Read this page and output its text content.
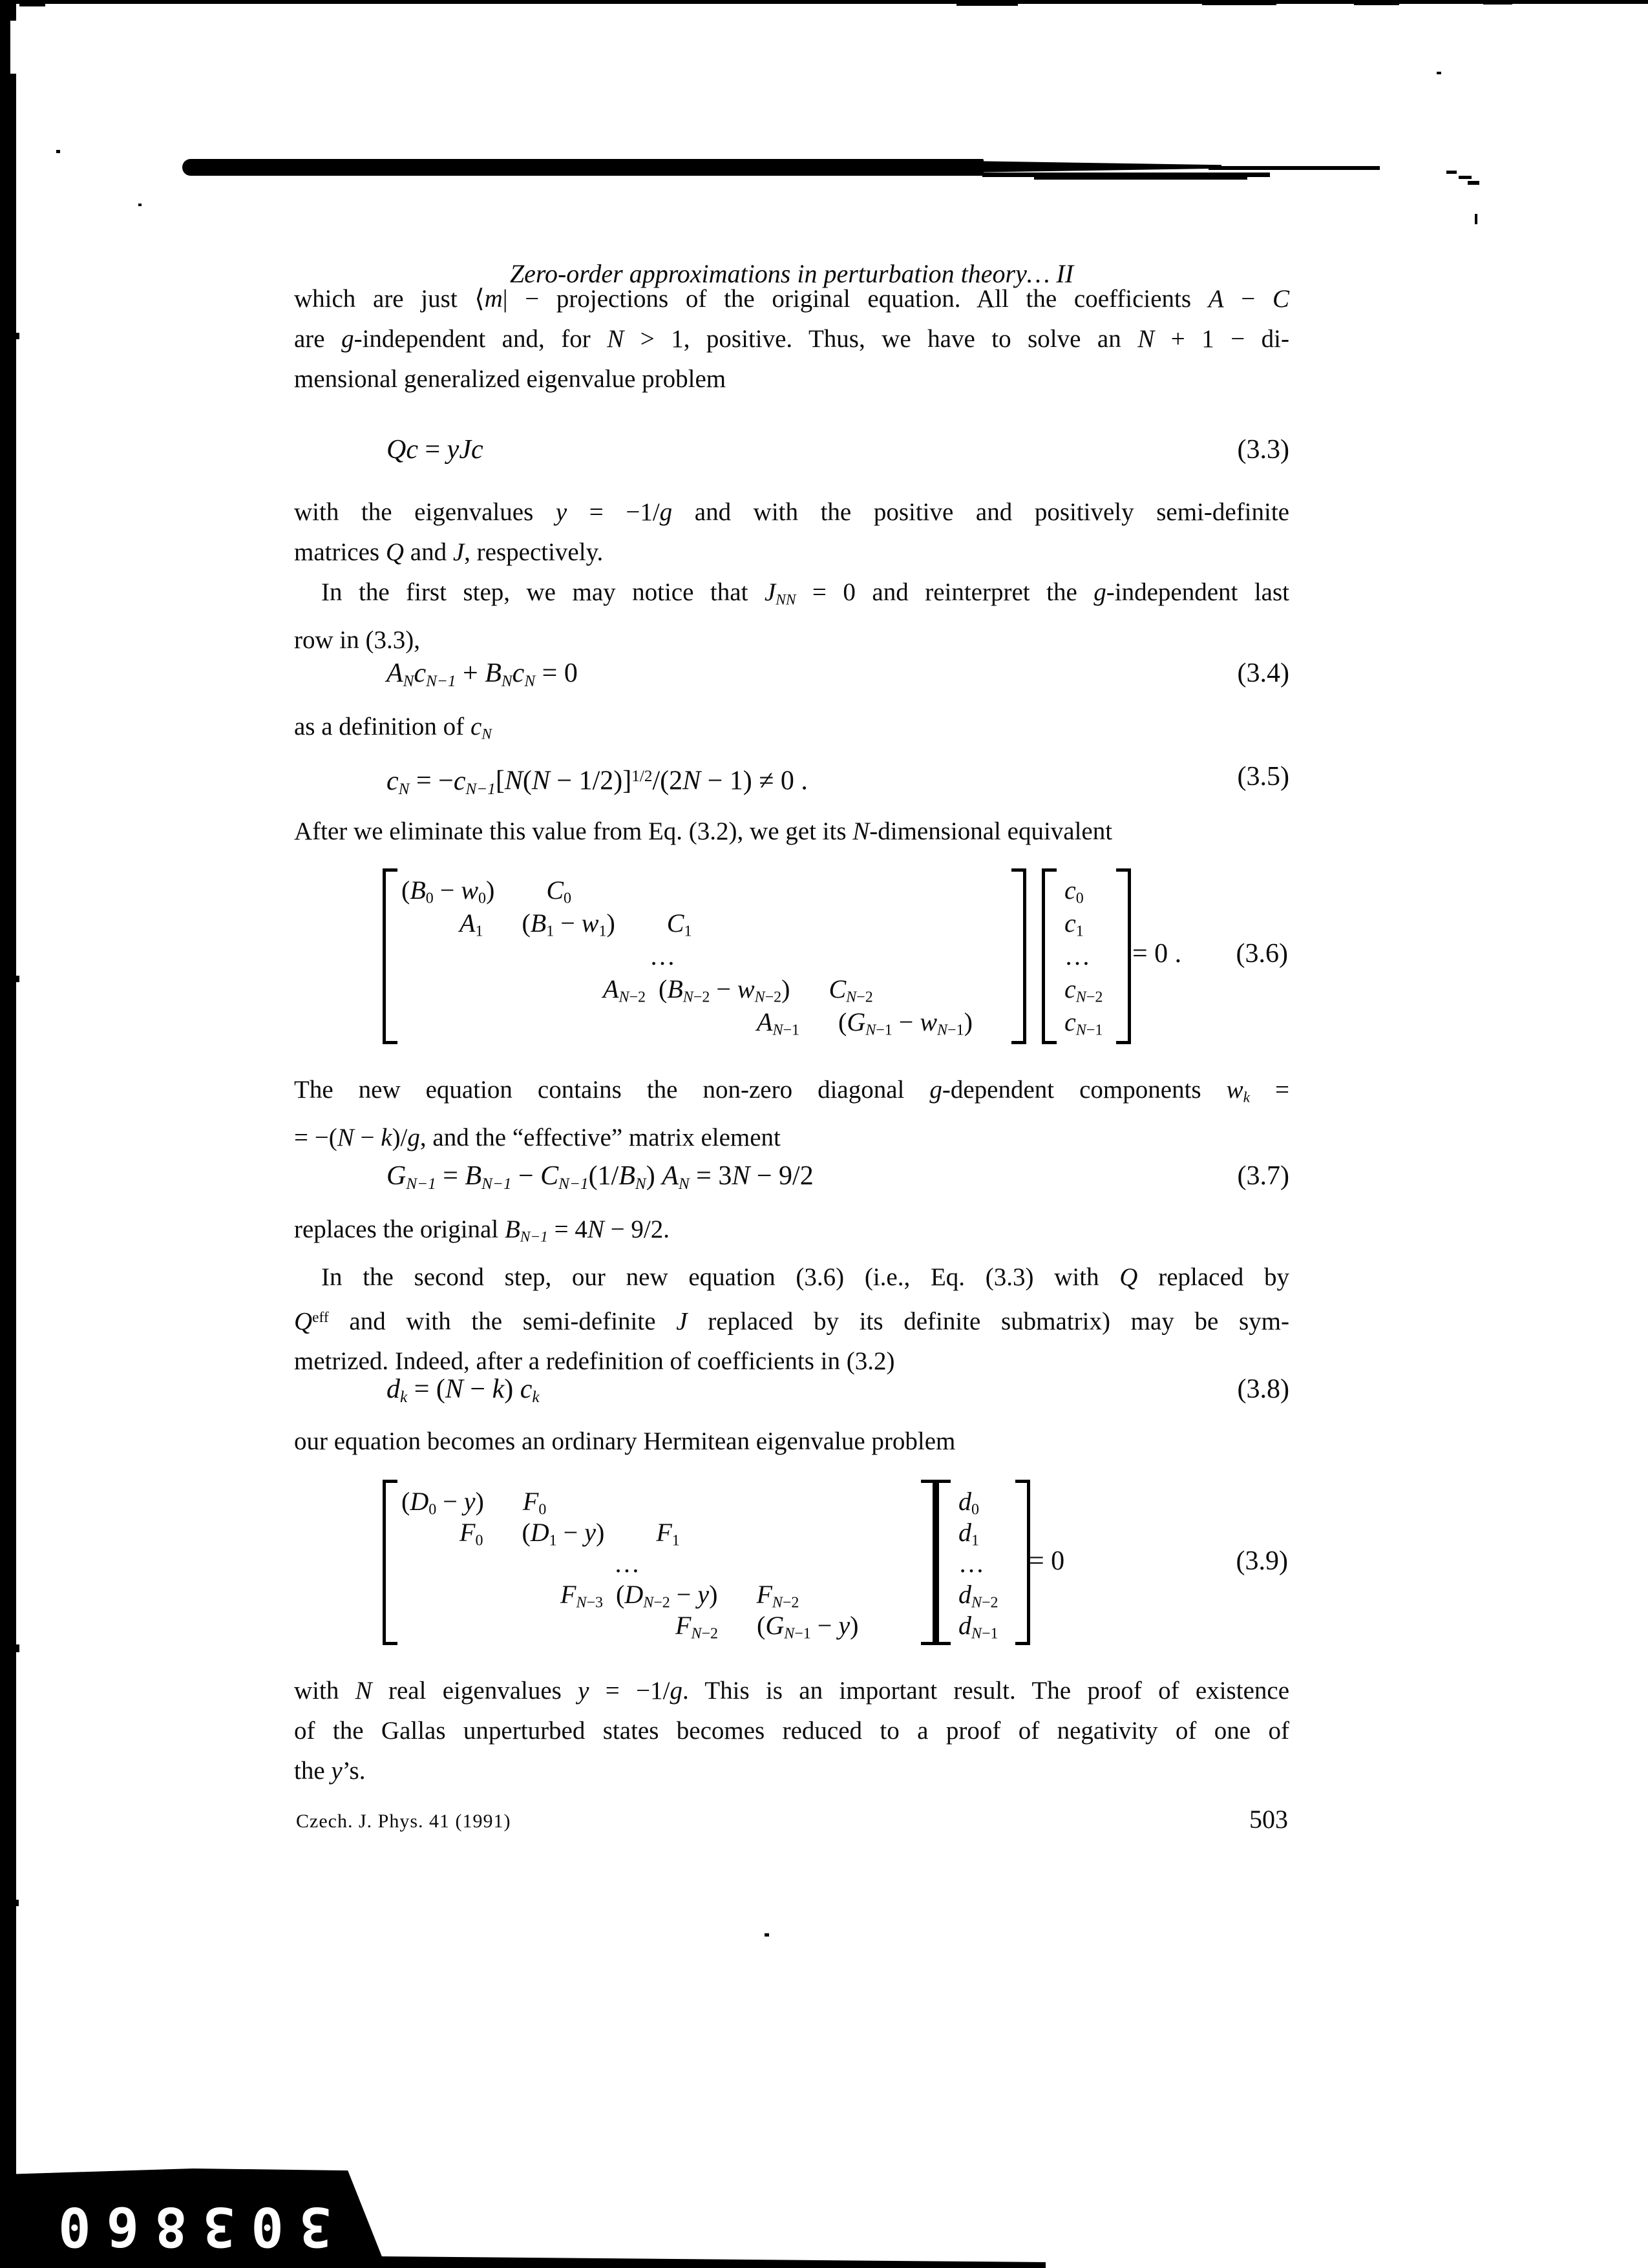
Zero-order approximations in perturbation theory… II
which are just ⟨m| − projections of the original equation. All the coefficients A − C
are g-independent and, for N > 1, positive. Thus, we have to solve an N + 1 − di-
mensional generalized eigenvalue problem
Qc = yJc	(3.3)
with the eigenvalues y = −1/g and with the positive and positively semi-definite
matrices Q and J, respectively.
In the first step, we may notice that $J_{NN} = 0$ and reinterpret the g-independent last
row in (3.3),
$A_Nc_{N-1} + B_Nc_N = 0$	(3.4)
as a definition of $c_N$
$c_N = -c_{N-1}[N(N - 1/2)]^{1/2}/(2N - 1) \ne 0$ .	(3.5)
After we eliminate this value from Eq. (3.2), we get its N-dimensional equivalent
$(B_0 - w_0)$  $C_0$
$A_1$  $(B_1 - w_1)$  $C_1$
…
$A_{N-2}$ $(B_{N-2} - w_{N-2})$  $C_{N-2}$
$A_{N-1}$  $(G_{N-1} - w_{N-1})$
$c_0$
$c_1$
…
$c_{N-2}$
$c_{N-1}$
= 0 . (3.6)
The new equation contains the non-zero diagonal g-dependent components $w_k$ =
= −(N − k)/g, and the “effective” matrix element
$G_{N-1} = B_{N-1} - C_{N-1}(1/B_N) A_N = 3N - 9/2$	(3.7)
replaces the original $B_{N-1} = 4N - 9/2$.
In the second step, our new equation (3.6) (i.e., Eq. (3.3) with Q replaced by
$Q^{eff}$ and with the semi-definite J replaced by its definite submatrix) may be sym-
metrized. Indeed, after a redefinition of coefficients in (3.2)
$d_k = (N - k)$ $c_k$	(3.8)
our equation becomes an ordinary Hermitean eigenvalue problem
$(D_0 - y)$  $F_0$
$F_0$  $(D_1 - y)$  $F_1$
…
$F_{N-3}$ $(D_{N-2} - y)$  $F_{N-2}$
$F_{N-2}$  $(G_{N-1} - y)$
$d_0$
$d_1$
…
$d_{N-2}$
$d_{N-1}$
= 0	(3.9)
with N real eigenvalues y = −1/g. This is an important result. The proof of existence
of the Gallas unperturbed states becomes reduced to a proof of negativity of one of
the y’s.
Czech. J. Phys. 41 (1991)	503
303860
